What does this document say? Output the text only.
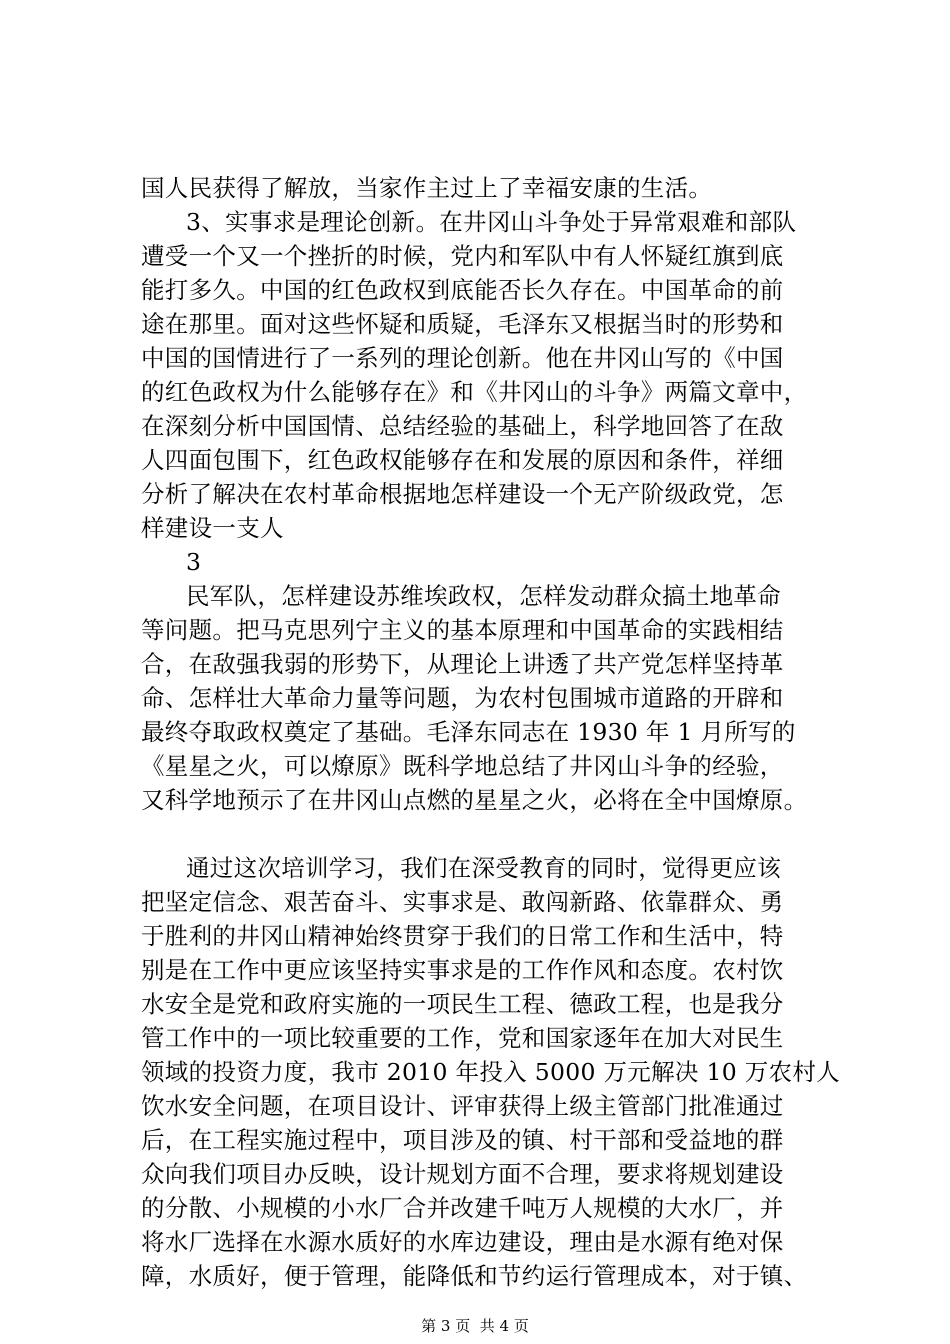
国人民获得了解放，当家作主过上了幸福安康的生活。
3、实事求是理论创新。在井冈山斗争处于异常艰难和部队
遭受一个又一个挫折的时候，党内和军队中有人怀疑红旗到底
能打多久。中国的红色政权到底能否长久存在。中国革命的前
途在那里。面对这些怀疑和质疑，毛泽东又根据当时的形势和
中国的国情进行了一系列的理论创新。他在井冈山写的《中国
的红色政权为什么能够存在》和《井冈山的斗争》两篇文章中，
在深刻分析中国国情、总结经验的基础上，科学地回答了在敌
人四面包围下，红色政权能够存在和发展的原因和条件，祥细
分析了解决在农村革命根据地怎样建设一个无产阶级政党，怎
样建设一支人
3
民军队，怎样建设苏维埃政权，怎样发动群众搞土地革命
等问题。把马克思列宁主义的基本原理和中国革命的实践相结
合，在敌强我弱的形势下，从理论上讲透了共产党怎样坚持革
命、怎样壮大革命力量等问题，为农村包围城市道路的开辟和
最终夺取政权奠定了基础。毛泽东同志在 1930 年 1 月所写的
《星星之火，可以燎原》既科学地总结了井冈山斗争的经验，
又科学地预示了在井冈山点燃的星星之火，必将在全中国燎原。
通过这次培训学习，我们在深受教育的同时，觉得更应该
把坚定信念、艰苦奋斗、实事求是、敢闯新路、依靠群众、勇
于胜利的井冈山精神始终贯穿于我们的日常工作和生活中，特
别是在工作中更应该坚持实事求是的工作作风和态度。农村饮
水安全是党和政府实施的一项民生工程、德政工程，也是我分
管工作中的一项比较重要的工作，党和国家逐年在加大对民生
领域的投资力度，我市 2010 年投入 5000 万元解决 10 万农村人
饮水安全问题，在项目设计、评审获得上级主管部门批准通过
后，在工程实施过程中，项目涉及的镇、村干部和受益地的群
众向我们项目办反映，设计规划方面不合理，要求将规划建设
的分散、小规模的小水厂合并改建千吨万人规模的大水厂，并
将水厂选择在水源水质好的水库边建设，理由是水源有绝对保
障，水质好，便于管理，能降低和节约运行管理成本，对于镇、
第 3 页  共 4 页
